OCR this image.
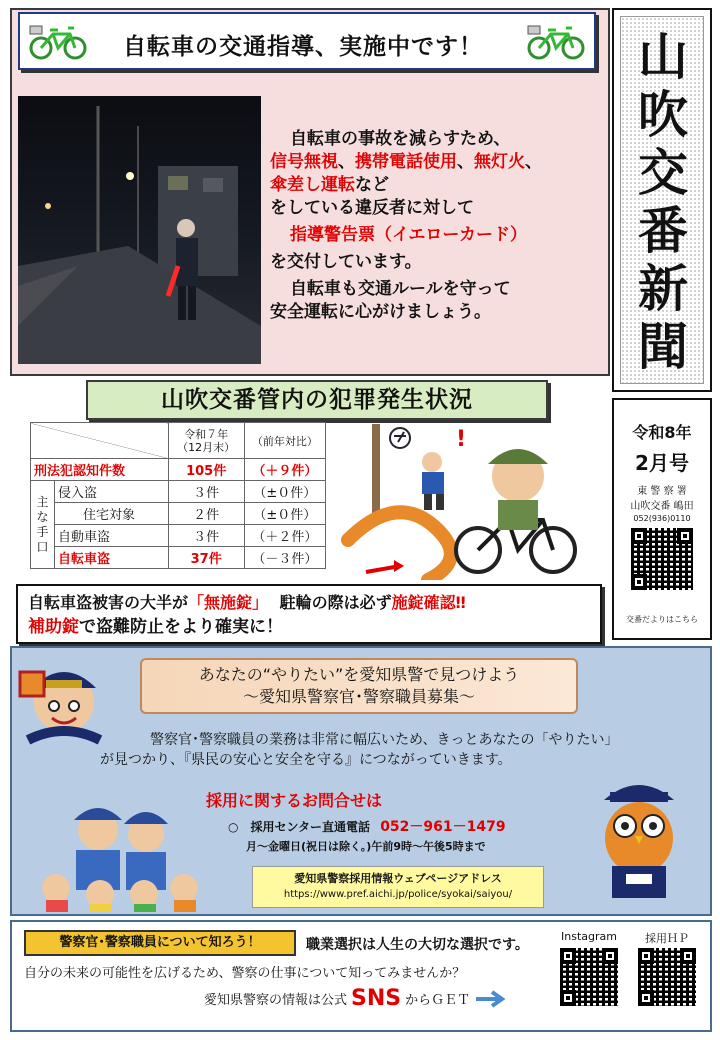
自転車の交通指導、実施中です！
自転車の事故を減らすため、
信号無視、携帯電話使用、無灯火、
傘差し運転など
をしている違反者に対して
指導警告票（イエローカード）
を交付しています。
自転車も交通ルールを守って
安全運転に心がけましょう。
山
吹
交
番
新
聞
令和8年
2月号
東 警 察 署
山吹交番 嶋田
052(936)0110
交番だよりはこちら
山吹交番管内の犯罪発生状況
		令和７年
（12月末）	（前年対比）
刑法犯認知件数		105件	（＋９件）
主
な
手
口	侵入盗	３件	（±０件）
	住宅対象	２件	（±０件）
	自動車盗	３件	（＋２件）
	自転車盗	37件	（－３件）
!
自転車盗被害の大半が「無施錠」 駐輪の際は必ず施錠確認‼
補助錠で盗難防止をより確実に！
あなたの“やりたい”を愛知県警で見つけよう
～愛知県警察官･警察職員募集～
警察官･警察職員の業務は非常に幅広いため、きっとあなたの「やりたい」
が見つかり、『県民の安心と安全を守る』につながっていきます。
採用に関するお問合せは
○　採用センター直通電話 052－961－1479
月～金曜日(祝日は除く。)午前9時～午後5時まで
愛知県警察採用情報ウェブページアドレス
https://www.pref.aichi.jp/police/syokai/saiyou/
警察官･警察職員について知ろう！	職業選択は人生の大切な選択です。
自分の未来の可能性を広げるため、警察の仕事について知ってみませんか？
愛知県警察の情報は公式 SNS からＧＥＴ
Instagram	採用ＨＰ
